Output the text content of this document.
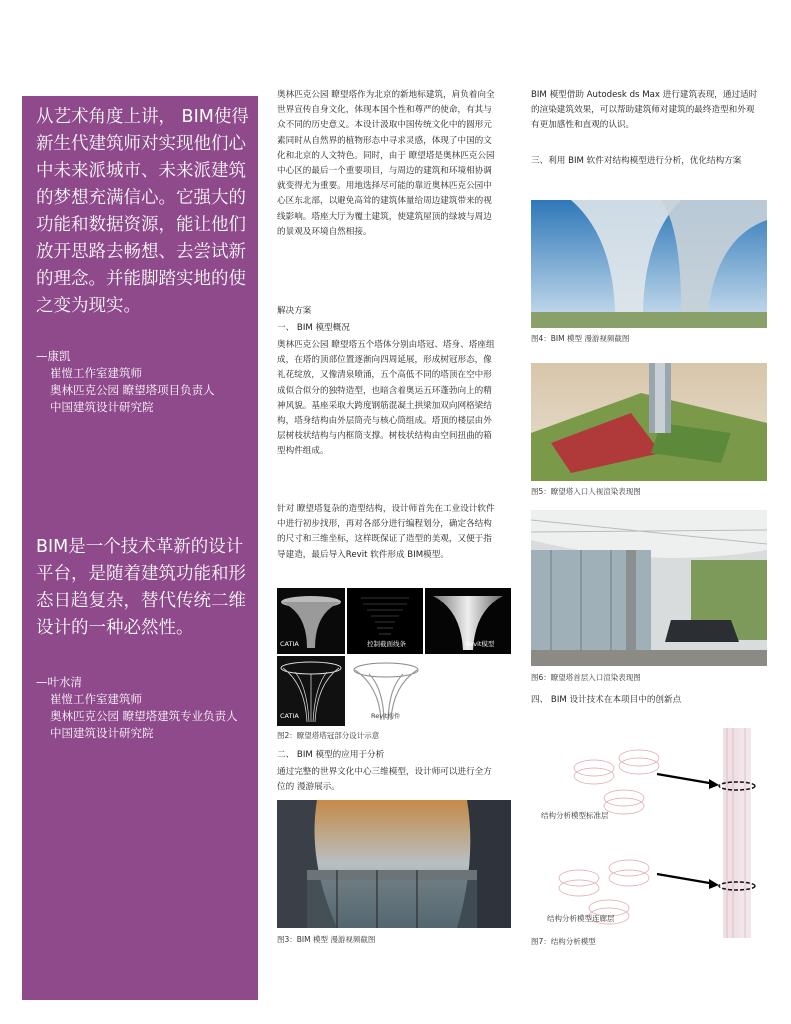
从艺术角度上讲， BIM使得新生代建筑师对实现他们心中未来派城市、未来派建筑的梦想充满信心。它强大的功能和数据资源，能让他们放开思路去畅想、去尝试新的理念。并能脚踏实地的使之变为现实。
—康凯
崔愷工作室建筑师
奥林匹克公园 瞭望塔项目负责人
中国建筑设计研究院
BIM是一个技术革新的设计平台，是随着建筑功能和形态日趋复杂，替代传统二维设计的一种必然性。
—叶水清
崔愷工作室建筑师
奥林匹克公园 瞭望塔建筑专业负责人
中国建筑设计研究院

奥林匹克公园 瞭望塔作为北京的新地标建筑，肩负着向全世界宣传自身文化，体现本国个性和尊严的使命，有其与众不同的历史意义。本设计汲取中国传统文化中的圆形元素同时从自然界的植物形态中寻求灵感，体现了中国的文化和北京的人文特色。同时，由于 瞭望塔是奥林匹克公园中心区的最后一个重要项目，与周边的建筑和环境相协调就变得尤为重要。用地选择尽可能的靠近奥林匹克公园中心区东北部，以避免高耸的建筑体量给周边建筑带来的视线影响。塔座大厅为覆土建筑，使建筑屋顶的绿坡与周边的景观及环境自然相接。

解决方案

一、 BIM 模型概况

奥林匹克公园 瞭望塔五个塔体分别由塔冠、塔身、塔座组成，在塔的顶部位置逐渐向四周延展，形成树冠形态，像礼花绽放，又像清泉喷涌，五个高低不同的塔顶在空中形成似合似分的独特造型，也暗含着奥运五环蓬勃向上的精神风貌。基座采取大跨度钢筋混凝土拱梁加双向网格梁结构，塔身结构由外层筒壳与核心筒组成。塔顶的楼层由外层树枝状结构与内框筒支撑。树枝状结构由空间扭曲的箱型构件组成。

针对 瞭望塔复杂的造型结构，设计师首先在工业设计软件中进行初步找形，再对各部分进行编程划分，确定各结构的尺寸和三维坐标，这样既保证了造型的美观，又便于指导建造，最后导入Revit 软件形成 BIM模型。

CATIA	控制截面线条	Revit模型
CATIA	Revit构件
图2：瞭望塔塔冠部分设计示意

二、 BIM 模型的应用于分析

通过完整的世界文化中心三维模型，设计师可以进行全方位的 漫游展示。

图3：BIM 模型 漫游视频截图

BIM 模型借助 Autodesk ds Max 进行建筑表现，通过适时的渲染建筑效果，可以帮助建筑师对建筑的最终造型和外观有更加感性和直观的认识。

三、利用 BIM 软件对结构模型进行分析，优化结构方案

图4：BIM 模型 漫游视频截图
图5：瞭望塔入口人视渲染表现图
图6：瞭望塔首层入口渲染表现图

四、 BIM 设计技术在本项目中的创新点

结构分析模型标准层
结构分析模型连廊层
图7：结构分析模型
